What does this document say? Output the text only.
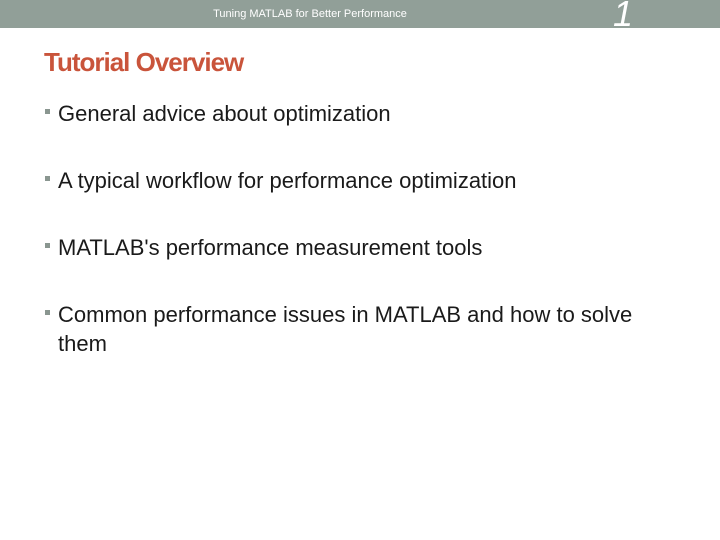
Tuning MATLAB for Better Performance	1
Tutorial Overview
General advice about optimization
A typical workflow for performance optimization
MATLAB's performance measurement tools
Common performance issues in MATLAB and how to solve them
